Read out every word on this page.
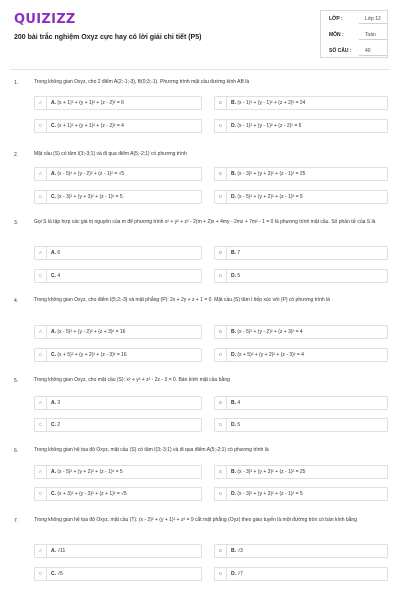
QUIZIZZ
200 bài trắc nghiệm Oxyz cực hay có lời giải chi tiết (P5)
LỚP :	Lớp 12
MÔN :	Toán
SỐ CÂU :	40
1.	Trong không gian Oxyz, cho 2 điểm A(2;-1;-3), B(0;3;-1). Phương trình mặt cầu đường kính AB là
A	A. (x + 1)² + (y + 1)² + (z - 2)² = 6	B	B. (x - 1)² + (y - 1)² + (z + 2)² = 24
C	C. (x + 1)² + (y + 1)² + (z - 2)² = 4	D	D. (x - 1)² + (y - 1)² + (z - 2)² = 6
2.	Mặt cầu (S) có tâm I(3;-3;1) và đi qua điểm A(5;-2;1) có phương trình
A	A. (x - 5)² + (y - 2)² + (z - 1)² = √5	B	B. (x - 3)² + (y + 3)² + (z - 1)² = 25
C	C. (x - 3)² + (y + 3)² + (z - 1)² = 5	D	D. (x - 5)² + (y + 2)² + (z - 1)² = 5
3.	Gọi S là tập hợp các giá trị nguyên của m để phương trình x² + y² + z² - 2(m + 2)x + 4my - 2mz + 7m² - 1 = 0 là phương trình mặt cầu. Số phần tử của S là
A	A. 6	B	B. 7
C	C. 4	D	D. 5
4.	Trong không gian Oxyz, cho điểm I(5;2;-3) và mặt phẳng (P): 2x + 2y + z + 1 = 0. Mặt cầu (S) tâm I tiếp xúc với (P) có phương trình là
A	A. (x - 5)² + (y - 2)² + (z + 3)² = 16	B	B. (x - 5)² + (y - 2)² + (z + 3)² = 4
C	C. (x + 5)² + (y + 2)² + (z - 3)² = 16	D	D. (x + 5)² + (y + 2)² + (z - 3)² = 4
5.	Trong không gian Oxyz, cho mặt cầu (S): x² + y² + z² - 2z - 3 = 0. Bán kính mặt cầu bằng
A	A. 3	B	B. 4
C	C. 2	D	D. 5
6.	Trong không gian hệ tọa độ Oxyz, mặt cầu (S) có tâm I(3;-3;1) và đi qua điểm A(5;-2;1) có phương trình là
A	A. (x - 5)² + (y + 2)² + (z - 1)² = 5	B	B. (x - 3)² + (y + 3)² + (z - 1)² = 25
C	C. (x + 3)² + (y - 3)² + (z + 1)² = √5	D	D. (x - 3)² + (y + 3)² + (z - 1)² = 5
7.	Trong không gian hệ tọa độ Oxyz, mặt cầu (T): (x - 2)² + (y + 1)² + z² = 9 cắt mặt phẳng (Oyz) theo giao tuyến là một đường tròn có bán kính bằng
A	A. √11	B	B. √3
C	C. √5	D	D. √7
